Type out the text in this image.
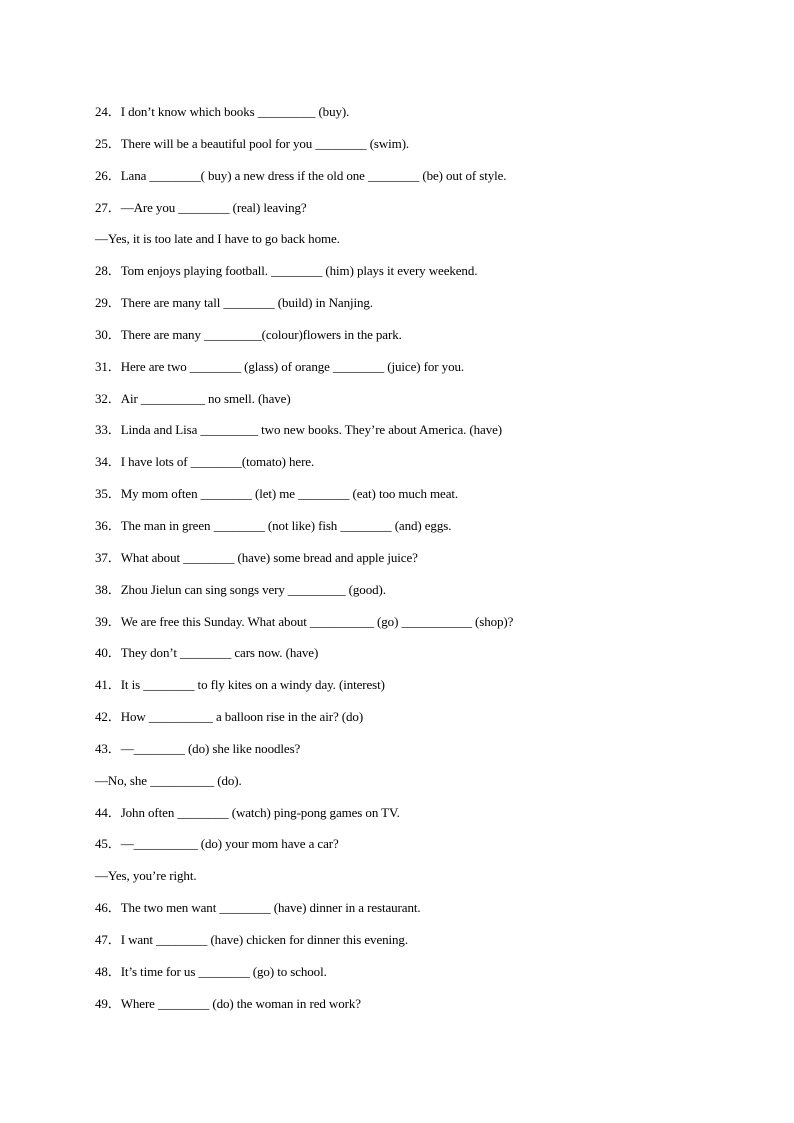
24．I don’t know which books _________ (buy).
25．There will be a beautiful pool for you ________ (swim).
26．Lana ________( buy) a new dress if the old one ________ (be) out of style.
27．—Are you ________ (real) leaving?
—Yes, it is too late and I have to go back home.
28．Tom enjoys playing football. ________ (him) plays it every weekend.
29．There are many tall ________ (build) in Nanjing.
30．There are many _________(colour)flowers in the park.
31．Here are two ________ (glass) of orange ________ (juice) for you.
32．Air __________ no smell. (have)
33．Linda and Lisa _________ two new books. They’re about America. (have)
34．I have lots of ________(tomato) here.
35．My mom often ________ (let) me ________ (eat) too much meat.
36．The man in green ________ (not like) fish ________ (and) eggs.
37．What about ________ (have) some bread and apple juice?
38．Zhou Jielun can sing songs very _________ (good).
39．We are free this Sunday. What about __________ (go) ___________ (shop)?
40．They don’t ________ cars now. (have)
41．It is ________ to fly kites on a windy day. (interest)
42．How __________ a balloon rise in the air? (do)
43．—________ (do) she like noodles?
—No, she __________ (do).
44．John often ________ (watch) ping-pong games on TV.
45．—__________ (do) your mom have a car?
—Yes, you’re right.
46．The two men want ________ (have) dinner in a restaurant.
47．I want ________ (have) chicken for dinner this evening.
48．It’s time for us ________ (go) to school.
49．Where ________ (do) the woman in red work?
